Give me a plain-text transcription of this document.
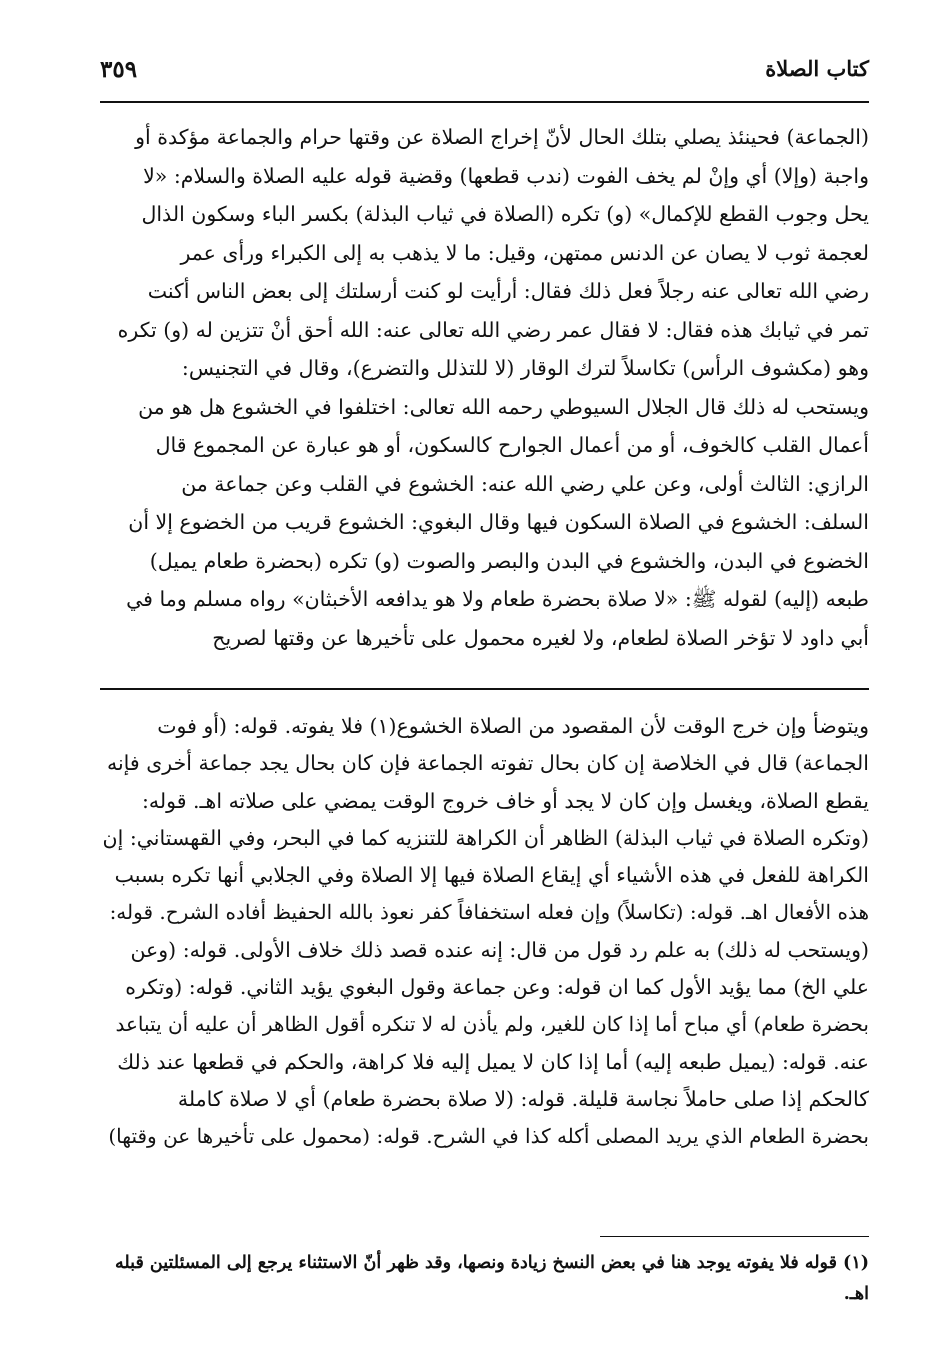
كتاب الصلاة
٣٥٩
(الجماعة) فحينئذ يصلي بتلك الحال لأنّ إخراج الصلاة عن وقتها حرام والجماعة مؤكدة أو
واجبة (وإلا) أي وإنْ لم يخف الفوت (ندب قطعها) وقضية قوله عليه الصلاة والسلام: «لا
يحل وجوب القطع للإكمال» (و) تكره (الصلاة في ثياب البذلة) بكسر الباء وسكون الذال
لعجمة ثوب لا يصان عن الدنس ممتهن، وقيل: ما لا يذهب به إلى الكبراء ورأى عمر
رضي الله تعالى عنه رجلاً فعل ذلك فقال: أرأيت لو كنت أرسلتك إلى بعض الناس أكنت
تمر في ثيابك هذه فقال: لا فقال عمر رضي الله تعالى عنه: الله أحق أنْ تتزين له (و) تكره
وهو (مكشوف الرأس) تكاسلاً لترك الوقار (لا للتذلل والتضرع)، وقال في التجنيس:
ويستحب له ذلك قال الجلال السيوطي رحمه الله تعالى: اختلفوا في الخشوع هل هو من
أعمال القلب كالخوف، أو من أعمال الجوارح كالسكون، أو هو عبارة عن المجموع قال
الرازي: الثالث أولى، وعن علي رضي الله عنه: الخشوع في القلب وعن جماعة من
السلف: الخشوع في الصلاة السكون فيها وقال البغوي: الخشوع قريب من الخضوع إلا أن
الخضوع في البدن، والخشوع في البدن والبصر والصوت (و) تكره (بحضرة طعام يميل)
طبعه (إليه) لقوله ﷺ: «لا صلاة بحضرة طعام ولا هو يدافعه الأخبثان» رواه مسلم وما في
أبي داود لا تؤخر الصلاة لطعام، ولا لغيره محمول على تأخيرها عن وقتها لصريح
ويتوضأ وإن خرج الوقت لأن المقصود من الصلاة الخشوع(١) فلا يفوته. قوله: (أو فوت
الجماعة) قال في الخلاصة إن كان بحال تفوته الجماعة فإن كان بحال يجد جماعة أخرى فإنه
يقطع الصلاة، ويغسل وإن كان لا يجد أو خاف خروج الوقت يمضي على صلاته اهـ. قوله:
(وتكره الصلاة في ثياب البذلة) الظاهر أن الكراهة للتنزيه كما في البحر، وفي القهستاني: إن
الكراهة للفعل في هذه الأشياء أي إيقاع الصلاة فيها إلا الصلاة وفي الجلابي أنها تكره بسبب
هذه الأفعال اهـ. قوله: (تكاسلاً) وإن فعله استخفافاً كفر نعوذ بالله الحفيظ أفاده الشرح. قوله:
(ويستحب له ذلك) به علم رد قول من قال: إنه عنده قصد ذلك خلاف الأولى. قوله: (وعن
علي الخ) مما يؤيد الأول كما ان قوله: وعن جماعة وقول البغوي يؤيد الثاني. قوله: (وتكره
بحضرة طعام) أي مباح أما إذا كان للغير، ولم يأذن له لا تنكره أقول الظاهر أن عليه أن يتباعد
عنه. قوله: (يميل طبعه إليه) أما إذا كان لا يميل إليه فلا كراهة، والحكم في قطعها عند ذلك
كالحكم إذا صلى حاملاً نجاسة قليلة. قوله: (لا صلاة بحضرة طعام) أي لا صلاة كاملة
بحضرة الطعام الذي يريد المصلى أكله كذا في الشرح. قوله: (محمول على تأخيرها عن وقتها)
(١) قوله فلا يفوته يوجد هنا في بعض النسخ زيادة ونصها، وقد ظهر أنّ الاستثناء يرجع إلى المسئلتين قبله
اهـ.
